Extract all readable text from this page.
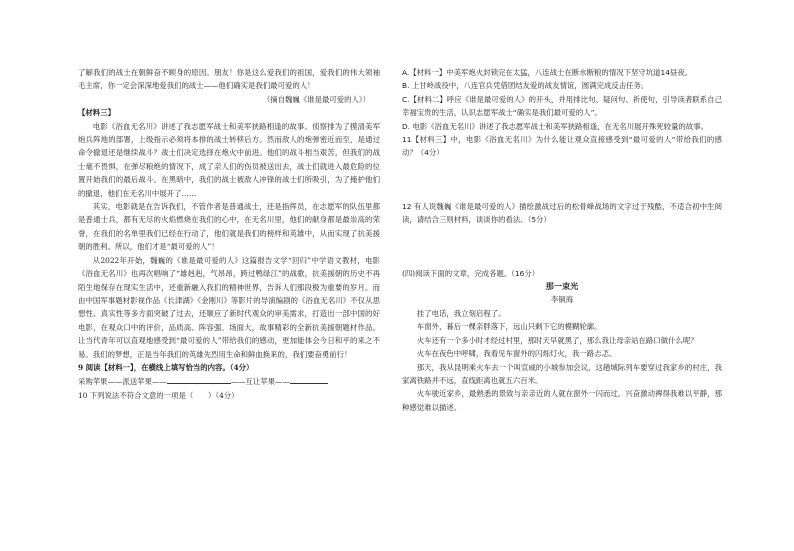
了解我们的战士在朝鲜奋不顾身的原因。朋友！你是这么爱我们的祖国，爱我们的伟大领袖毛主席，你一定会深深地爱我们的战士——他们确实是我们最可爱的人！

（摘自魏巍《谁是最可爱的人》）

【材料三】

电影《浴血无名川》讲述了我志愿军战士和美军狭路相逢的故事。侦察排为了摸清美军炮兵阵地的部署，上级指示必须将本排的战士转移后方。然而敌人的炮弹密近而至，是通过命令撤退还是继续战斗？战士们决定选择在炮火中前进。他们的战斗相当艰苦，但我们的战士毫不畏惧，在弹尽粮绝的情况下，成了亲人们的伤员被送出去，战士们就进入最危险的位置开始我们的最后战斗。在黑暗中，我们的战士被敌人冲锋的战士们所吸引，为了掩护他们的撤退，他们在无名川中展开了……

其实，电影就是在告诉我们，不管作者是普通战士，还是指挥员，在志愿军的队伍里都是普通士兵，都有无尽的火焰燃烧在我们的心中，在无名川里，他们的献身都是最崇高的荣誉，在我们的名单里我们已经在行动了，他们就是我们的榜样和英雄中，从而实现了抗美援朝的胜利。所以，他们才是“最可爱的人”！

从2022年开始，魏巍的《谁是最可爱的人》这篇报告文学“回归”中学语文教材，电影《浴血无名川》也再次唱响了“雄赳赳，气昂昂，跨过鸭绿江”的战歌，抗美援朝的历史不再陌生地保存在现实生活中，还重新融入我们的精神世界，告诉人们那段极为重要的岁月。而由中国军事题材影视作品《长津湖》《金刚川》等影片的导演编剧的《浴血无名川》不仅从思想性、真实性等多方面突破了过去，还顺应了新时代观众的审美需求，打造出一部中国的好电影，在观众口中的评价，品质高、阵容强、场面大，故事精彩的全新抗美援朝题材作品。让当代青年可以直观地感受到“最可爱的人”带给我们的感动，更加能体会今日和平的来之不易。我们的梦想，正是当年我们的英雄先烈用生命和鲜血换来的，我们要奋勇前行！

9 阅读【材料一】，在横线上填写恰当的内容。（4分）

采购苹果——派送苹果——	——互让苹果——

10 下列说法不符合文意的一项是（　　）（4分）

A.【材料一】中美军炮火封锁完在太猛，八连战士在断水断粮的情况下坚守坑道14昼夜。

B. 上甘岭战役中，八连官兵凭借团结友爱的战友情谊，圆满完成反击任务。

C.【材料二】呼应《谁是最可爱的人》的开头，并用排比句、疑问句、祈使句，引导读者联系自己幸福宝贵的生活，认识志愿军战士“确实是我们最可爱的人”。

D. 电影《浴血无名川》讲述了我志愿军战士和美军狭路相逢，在无名川展开殊死较量的故事。

11【材料三】中，电影《浴血无名川》为什么能让观众直接感受到“最可爱的人”带给我们的感动？（4分）

12 有人说魏巍《谁是最可爱的人》描绘激战过后的松骨峰战场的文字过于残酷，不适合初中生阅读，请结合三则材料，谈谈你的看法。（5分）

(四)阅读下面的文章，完成各题。（16分）

那一束光

李铜海

挂了电话，我立刻启程了。

车窗外，暮后一棵亲胖落下，远山只剩下它的模糊轮廓。

火车还有一个多小时才经过村里，那时天早就黑了，那么我让母亲站在路口做什么呢？

火车在夜色中呼啸，我看见车窗外的闪烁灯火，我一路忐忑。

那天，我从昆明乘火车去一个叫宣威的小城参加会议，这趟城际列车要穿过我家乡的村庄，我家离铁路并不远，直线距离也就五六百米。

火车驶近家乡，最熟悉的景致与亲亲近的人就在窗外一闪而过，兴奋激动裨得我难以平静，那种感觉难以描述。
